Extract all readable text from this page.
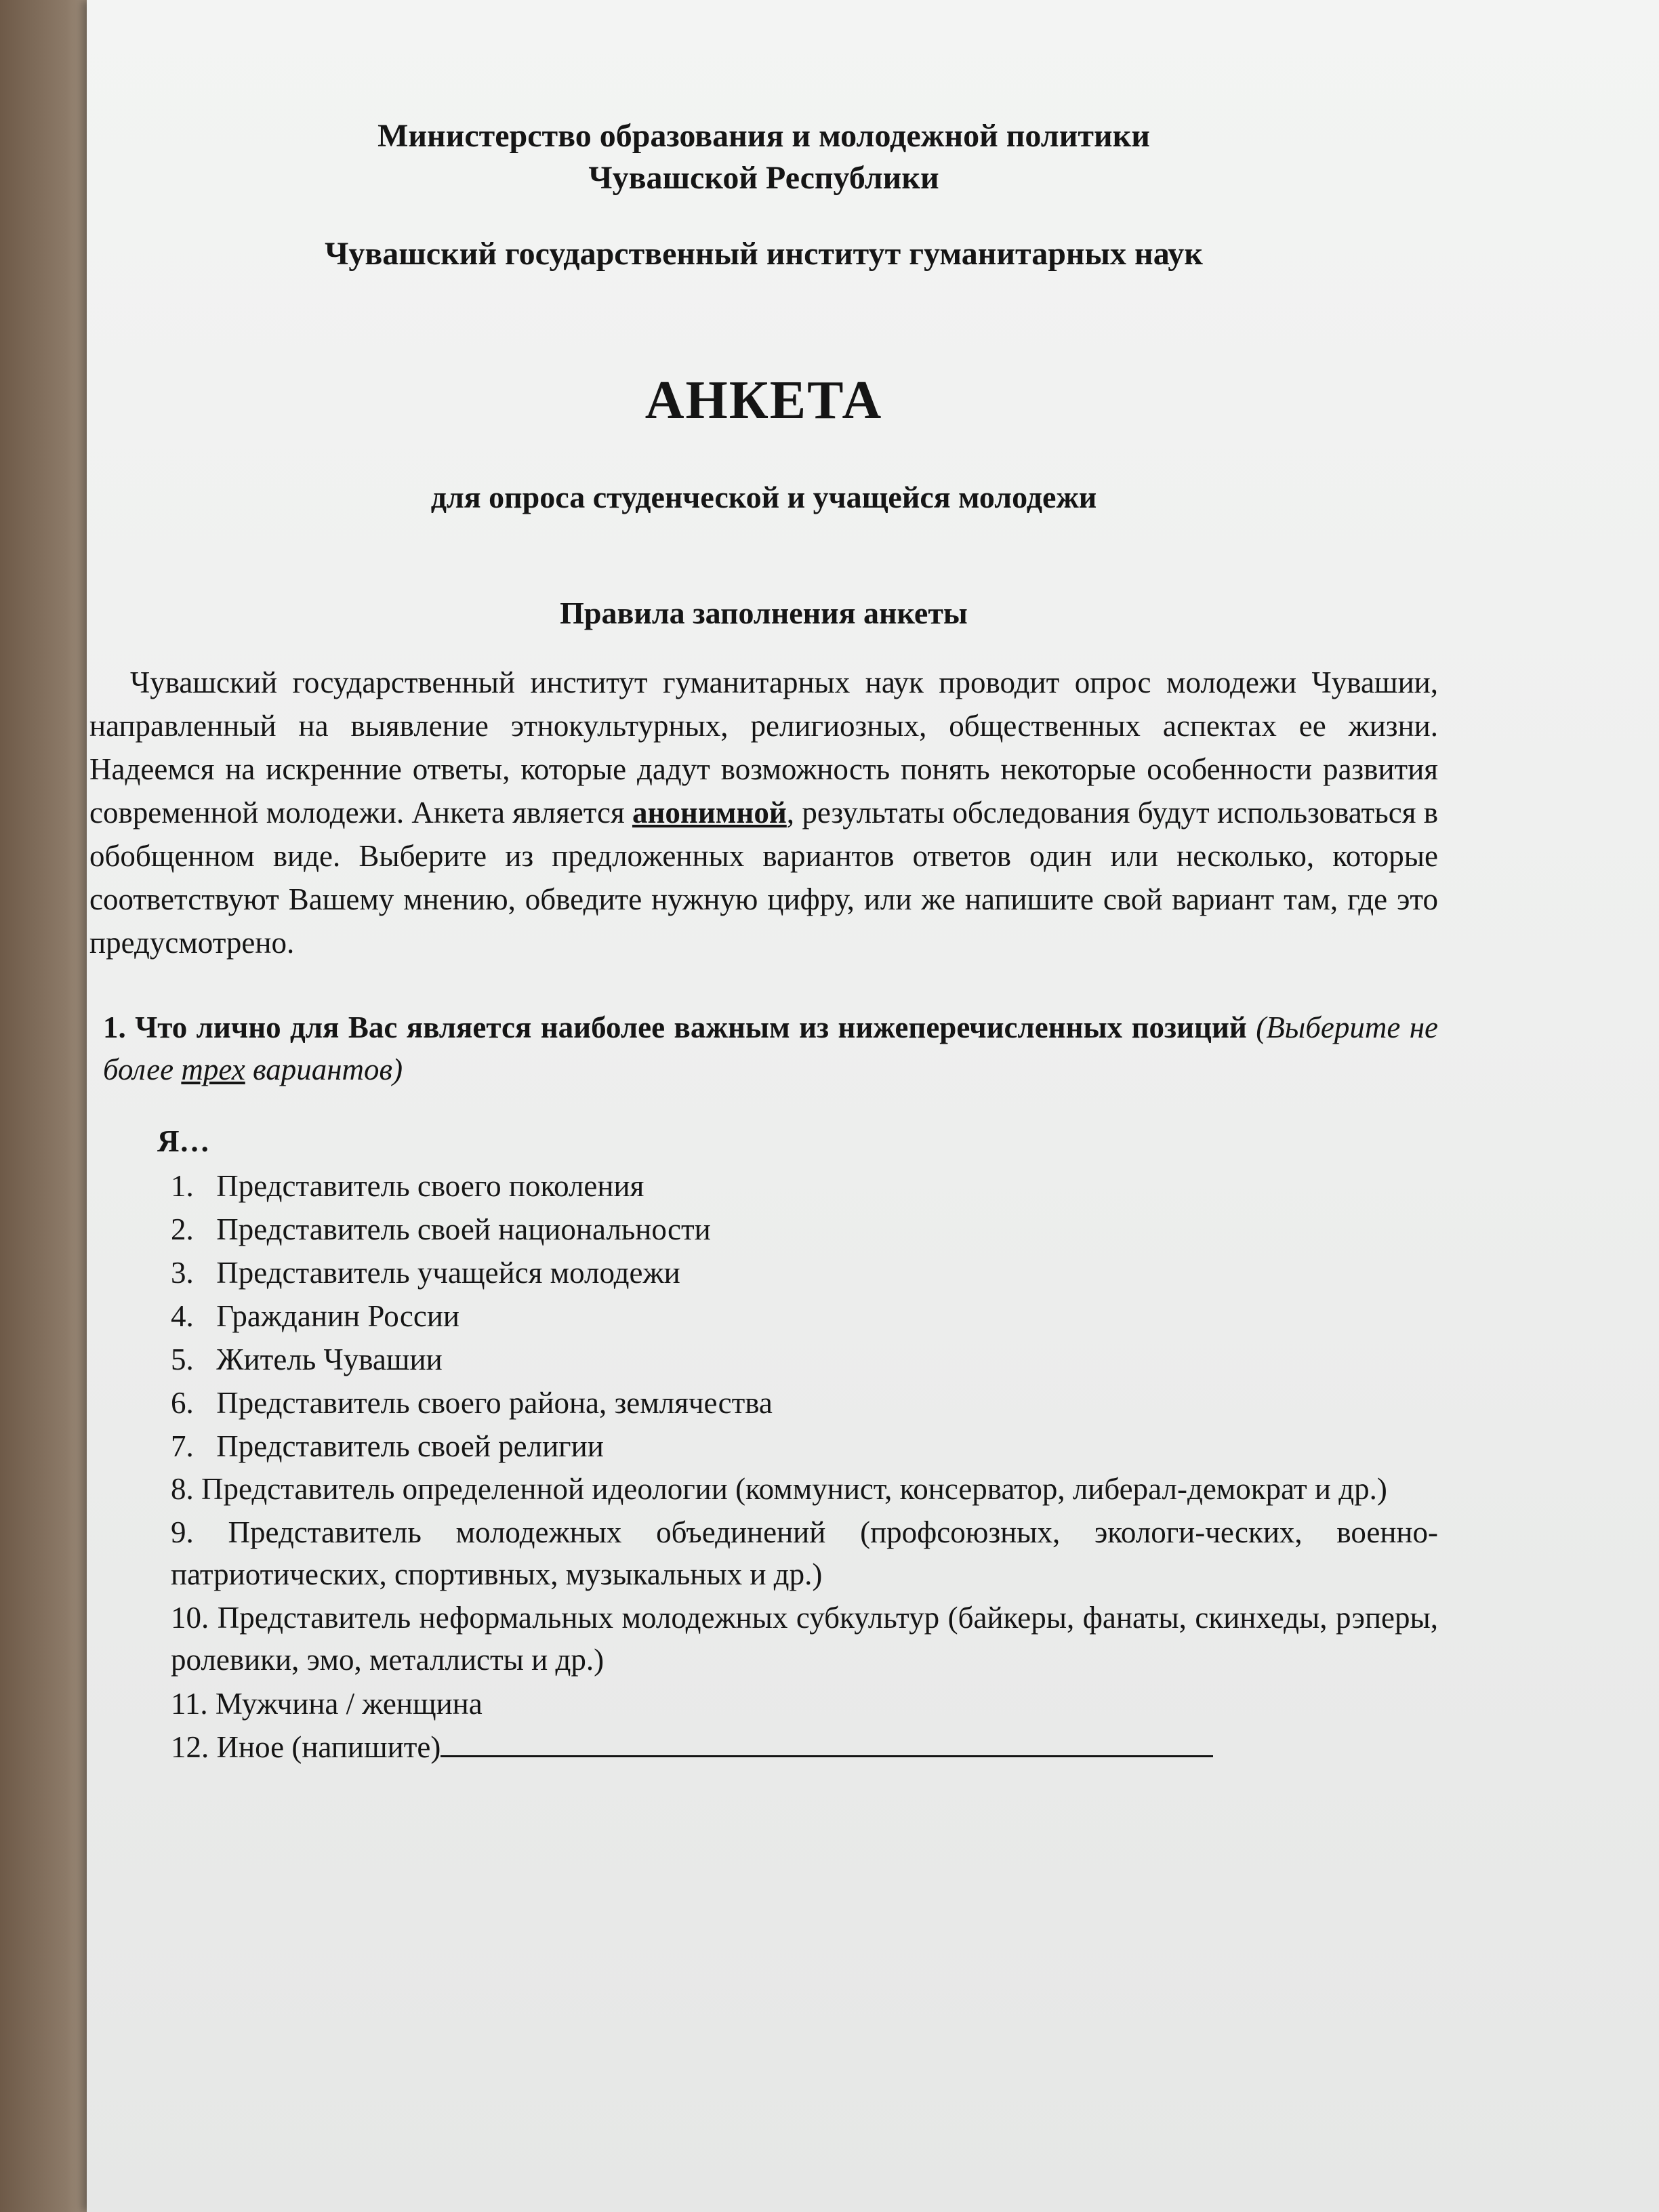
Министерство образования и молодежной политики

Чувашской Республики

Чувашский государственный институт гуманитарных наук

АНКЕТА

для опроса студенческой и учащейся молодежи

Правила заполнения анкеты

Чувашский государственный институт гуманитарных наук проводит опрос молодежи Чувашии, направленный на выявление этнокультурных, религиозных, общественных аспектах ее жизни. Надеемся на искренние ответы, которые дадут возможность понять некоторые особенности развития современной молодежи. Анкета является анонимной, результаты обследования будут использоваться в обобщенном виде. Выберите из предложенных вариантов ответов один или несколько, которые соответствуют Вашему мнению, обведите нужную цифру, или же напишите свой вариант там, где это предусмотрено.

1. Что лично для Вас является наиболее важным из нижеперечисленных позиций (Выберите не более трех вариантов)

Я…

1. Представитель своего поколения
2. Представитель своей национальности
3. Представитель учащейся молодежи
4. Гражданин России
5. Житель Чувашии
6. Представитель своего района, землячества
7. Представитель своей религии
8. Представитель определенной идеологии (коммунист, консерватор, либерал-демократ и др.)
9. Представитель молодежных объединений (профсоюзных, экологи-ческих, военно-патриотических, спортивных, музыкальных и др.)
10. Представитель неформальных молодежных субкультур (байкеры, фанаты, скинхеды, рэперы, ролевики, эмо, металлисты и др.)
11. Мужчина / женщина
12. Иное (напишите)
